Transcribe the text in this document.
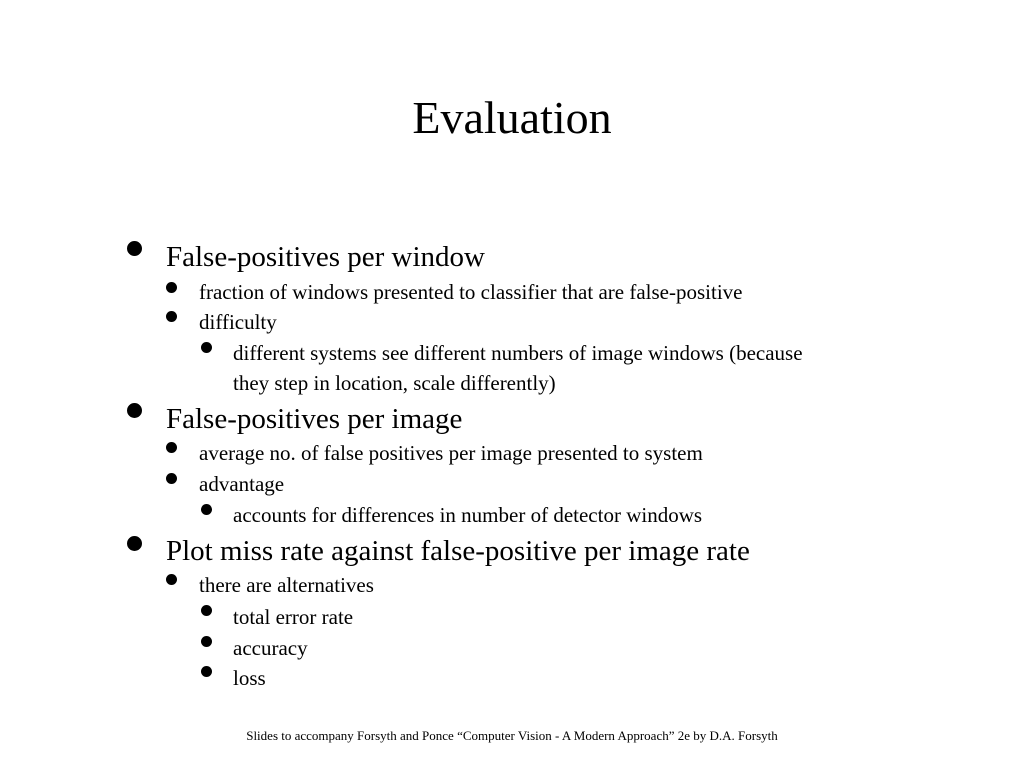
Evaluation
False-positives per window
fraction of windows presented to classifier that are false-positive
difficulty
different systems see different numbers of image windows (because
they step in location, scale differently)
False-positives per image
average no. of false positives per image presented to system
advantage
accounts for differences in number of detector windows
Plot miss rate against false-positive per image rate
there are alternatives
total error rate
accuracy
loss
Slides to accompany Forsyth and Ponce “Computer Vision - A Modern Approach” 2e by D.A. Forsyth
